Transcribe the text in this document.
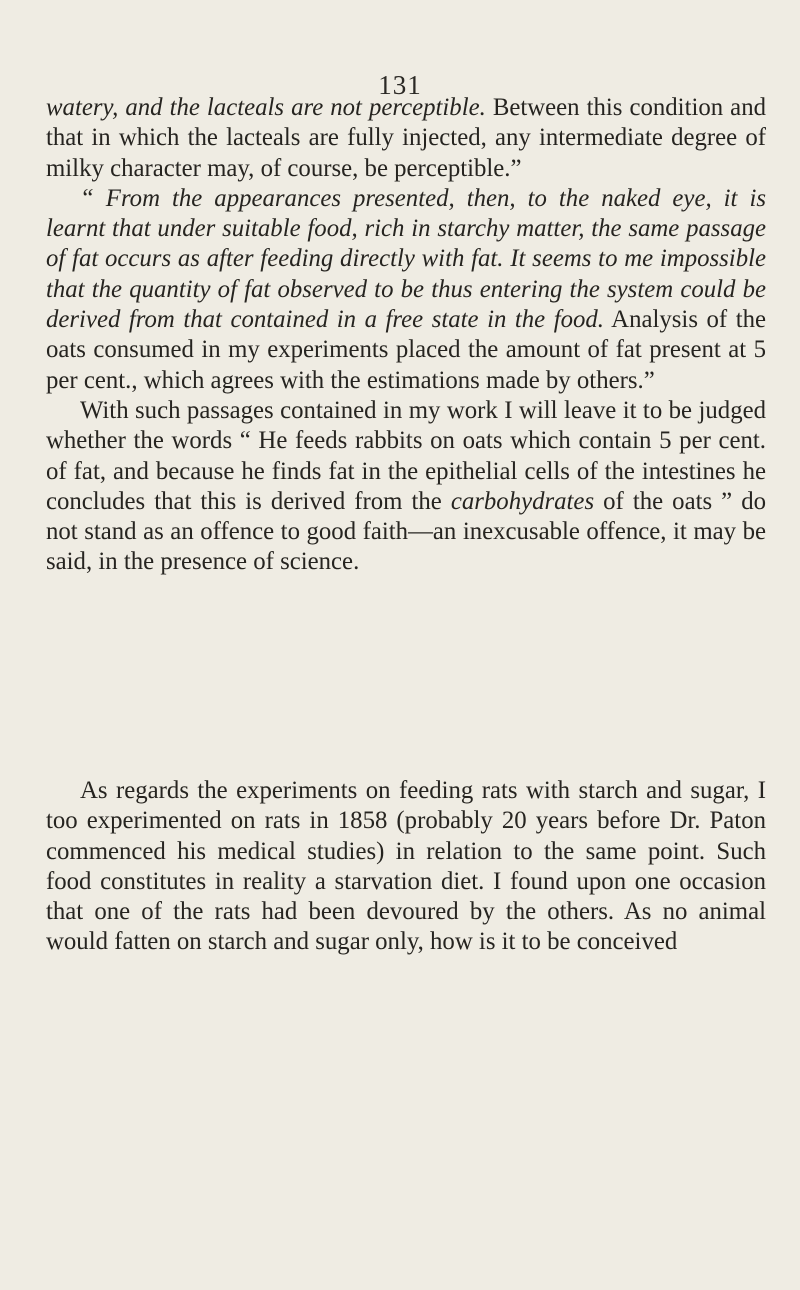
131

watery, and the lacteals are not perceptible. Between this condition and that in which the lacteals are fully injected, any intermediate degree of milky character may, of course, be perceptible.”

“ From the appearances presented, then, to the naked eye, it is learnt that under suitable food, rich in starchy matter, the same passage of fat occurs as after feeding directly with fat. It seems to me impossible that the quantity of fat observed to be thus entering the system could be derived from that contained in a free state in the food. Analysis of the oats consumed in my experiments placed the amount of fat present at 5 per cent., which agrees with the estimations made by others.”

With such passages contained in my work I will leave it to be judged whether the words “ He feeds rabbits on oats which contain 5 per cent. of fat, and because he finds fat in the epithelial cells of the intestines he concludes that this is derived from the carbohydrates of the oats ” do not stand as an offence to good faith—an inexcusable offence, it may be said, in the presence of science.

As regards the experiments on feeding rats with starch and sugar, I too experimented on rats in 1858 (probably 20 years before Dr. Paton commenced his medical studies) in relation to the same point. Such food constitutes in reality a starvation diet. I found upon one occasion that one of the rats had been devoured by the others. As no animal would fatten on starch and sugar only, how is it to be conceived
